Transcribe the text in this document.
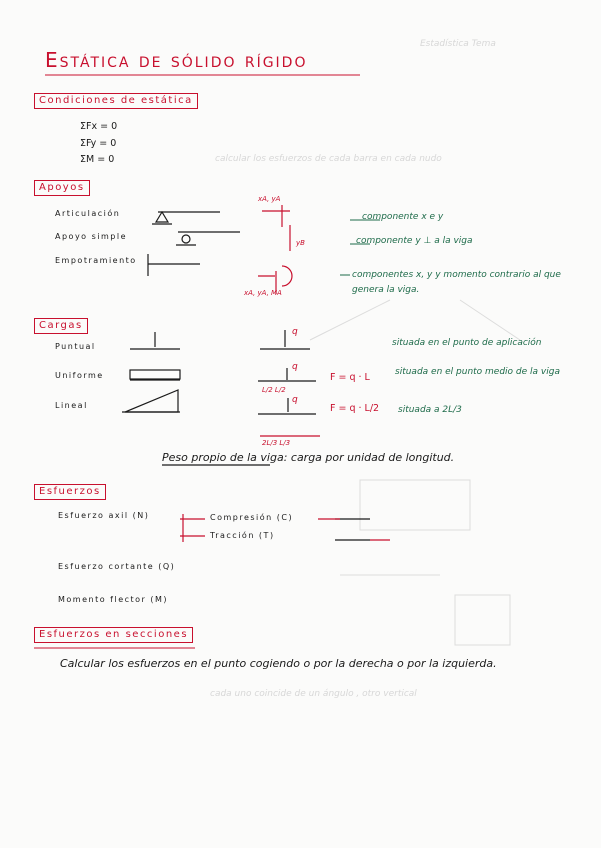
Estática de sólido rígido
Estadística Tema
calcular los esfuerzos de cada barra en cada nudo
cada uno coincide de un ángulo , otro vertical
Condiciones de estática
ΣFx = 0
ΣFy = 0
ΣM = 0
Apoyos
Articulación
Apoyo simple
Empotramiento
xA, yA
yB
xA, yA, MA
componente x e y
componente y ⊥ a la viga
componentes x, y y momento contrario al que genera la viga.
Cargas
Puntual
Uniforme
Lineal
q
q
q
F = q · L
F = q · L/2
L/2 L/2
2L/3 L/3
situada en el punto de aplicación
situada en el punto medio de la viga
situada a 2L/3
Peso propio de la viga: carga por unidad de longitud.
Esfuerzos
Esfuerzo axil (N)	Compresión (C)
Tracción (T)
Esfuerzo cortante (Q)
Momento flector (M)
Esfuerzos en secciones
Calcular los esfuerzos en el punto cogiendo o por la derecha o por la izquierda.
